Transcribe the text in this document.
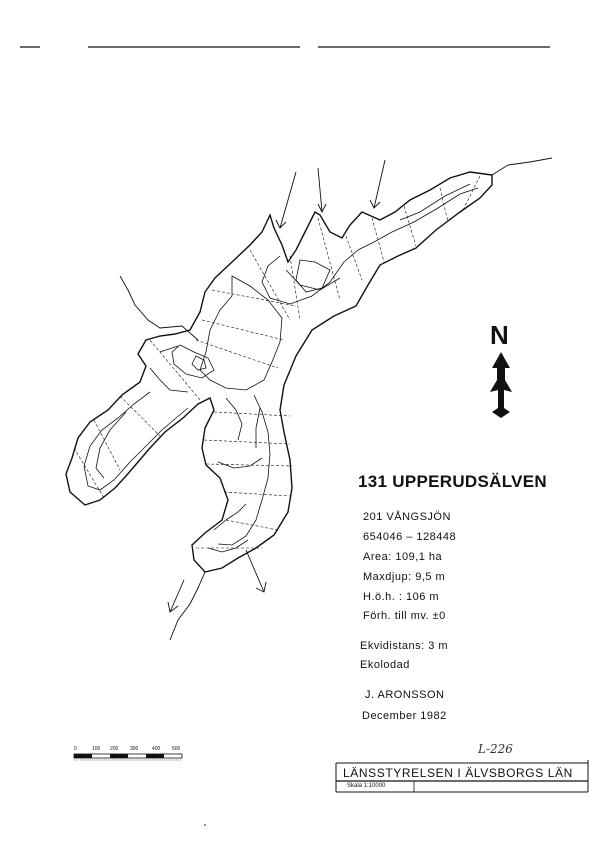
N
0	100 200 300	400 500
131 UPPERUDSÄLVEN
201 VÅNGSJÖN
654046 – 128448
Area: 109,1 ha
Maxdjup: 9,5 m
H.ö.h. : 106 m
Förh. till mv. ±0
Ekvidistans: 3 m
Ekolodad
J. ARONSSON
December 1982
L-226
LÄNSSTYRELSEN I ÄLVSBORGS LÄN
Skala 1:10000
